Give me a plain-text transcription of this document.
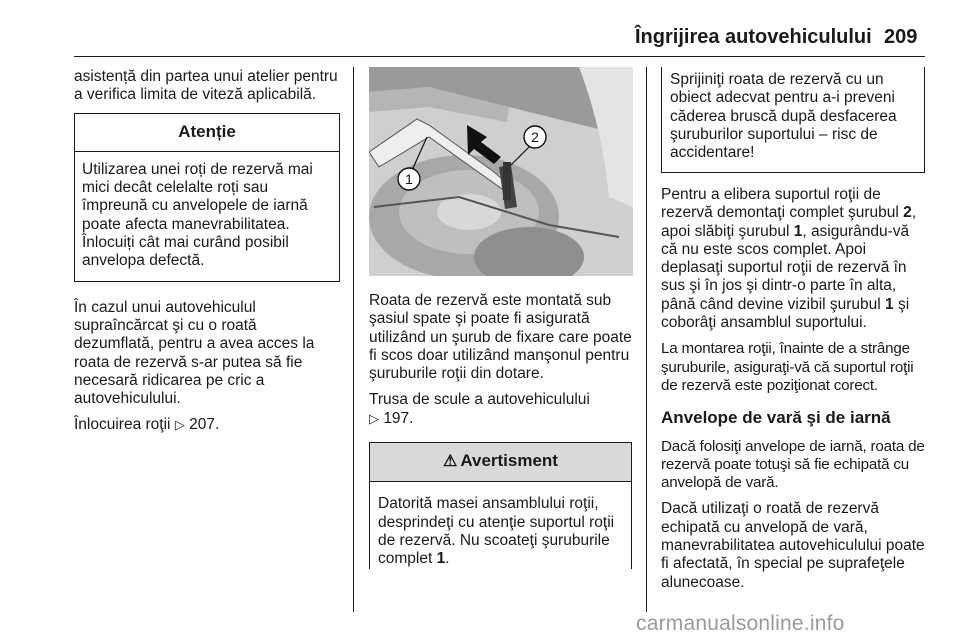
Îngrijirea autovehiculului 209

asistență din partea unui atelier pentru a verifica limita de viteză aplicabilă.

Atenție
Utilizarea unei roți de rezervă mai mici decât celelalte roți sau împreună cu anvelopele de iarnă poate afecta manevrabilitatea. Înlocuiți cât mai curând posibil anvelopa defectă.

În cazul unui autovehiculul supraîncărcat şi cu o roată dezumflată, pentru a avea acces la roata de rezervă s-ar putea să fie necesară ridicarea pe cric a autovehiculului.

Înlocuirea roţii ▷ 207.

1
2

Roata de rezervă este montată sub şasiul spate şi poate fi asigurată utilizând un şurub de fixare care poate fi scos doar utilizând manşonul pentru şuruburile roţii din dotare.

Trusa de scule a autovehiculului
▷ 197.

⚠ Avertisment
Datorită masei ansamblului roţii, desprindeţi cu atenţie suportul roţii de rezervă. Nu scoateţi şuruburile complet 1.
Sprijiniţi roata de rezervă cu un obiect adecvat pentru a-i preveni căderea bruscă după desfacerea şuruburilor suportului – risc de accidentare!

Pentru a elibera suportul roţii de rezervă demontaţi complet şurubul 2, apoi slăbiţi şurubul 1, asigurându-vă că nu este scos complet. Apoi deplasaţi suportul roţii de rezervă în sus şi în jos şi dintr-o parte în alta, până când devine vizibil şurubul 1 şi coborâţi ansamblul suportului.

La montarea roţii, înainte de a strânge şuruburile, asiguraţi-vă că suportul roţii de rezervă este poziţionat corect.

Anvelope de vară şi de iarnă

Dacă folosiţi anvelope de iarnă, roata de rezervă poate totuşi să fie echipată cu anvelopă de vară.

Dacă utilizaţi o roată de rezervă echipată cu anvelopă de vară, manevrabilitatea autovehiculului poate fi afectată, în special pe suprafeţele alunecoase.

carmanualsonline.info
